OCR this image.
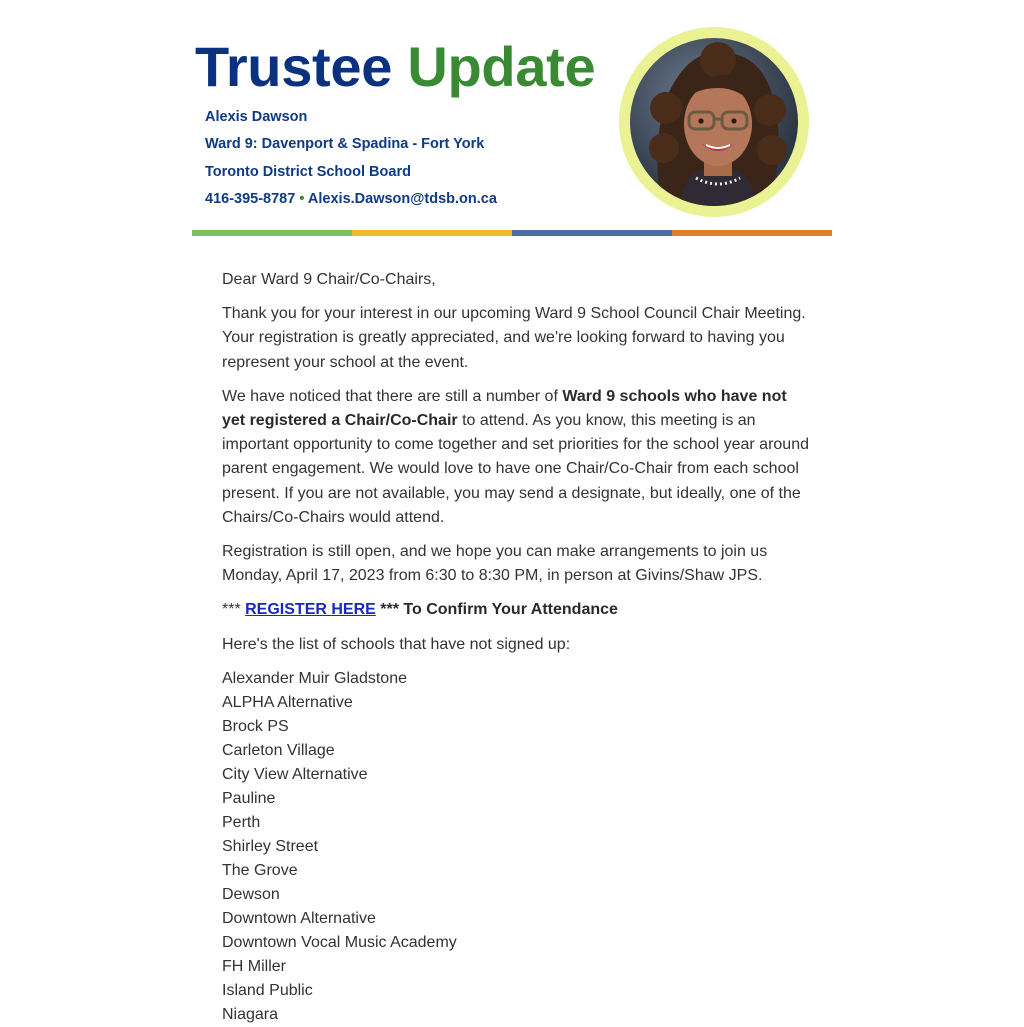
Trustee Update
Alexis Dawson
Ward 9: Davenport & Spadina - Fort York
Toronto District School Board
416-395-8787 • Alexis.Dawson@tdsb.on.ca

Dear Ward 9 Chair/Co-Chairs,

Thank you for your interest in our upcoming Ward 9 School Council Chair Meeting. Your registration is greatly appreciated, and we're looking forward to having you represent your school at the event.

We have noticed that there are still a number of Ward 9 schools who have not yet registered a Chair/Co-Chair to attend. As you know, this meeting is an important opportunity to come together and set priorities for the school year around parent engagement. We would love to have one Chair/Co-Chair from each school present. If you are not available, you may send a designate, but ideally, one of the Chairs/Co-Chairs would attend.

Registration is still open, and we hope you can make arrangements to join us Monday, April 17, 2023 from 6:30 to 8:30 PM, in person at Givins/Shaw JPS.

*** REGISTER HERE *** To Confirm Your Attendance

Here's the list of schools that have not signed up:

Alexander Muir Gladstone
ALPHA Alternative
Brock PS
Carleton Village
City View Alternative
Pauline
Perth
Shirley Street
The Grove
Dewson
Downtown Alternative
Downtown Vocal Music Academy
FH Miller
Island Public
Niagara
